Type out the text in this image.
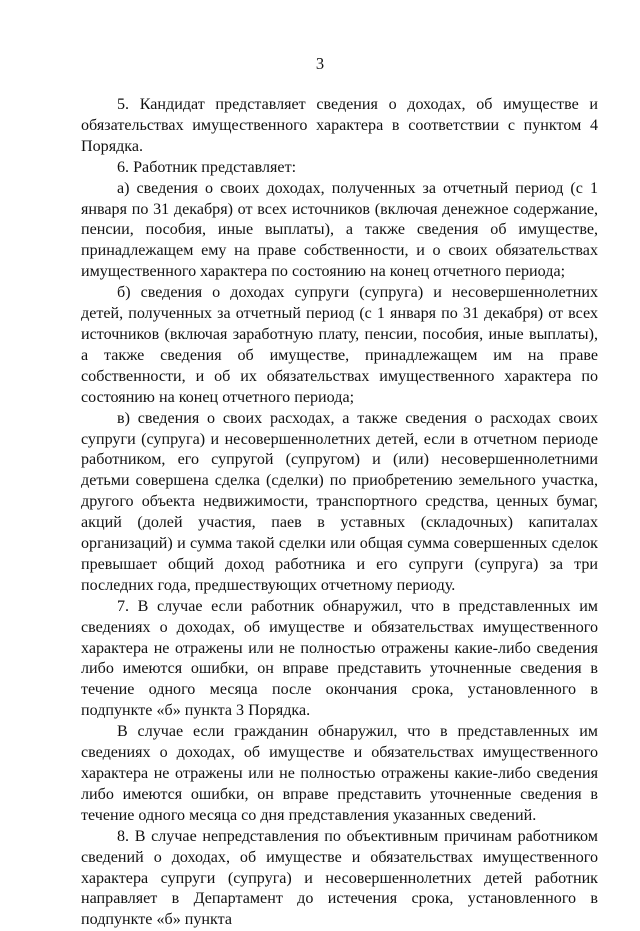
3

5. Кандидат представляет сведения о доходах, об имуществе и обязательствах имущественного характера в соответствии с пунктом 4 Порядка.

6. Работник представляет:

а) сведения о своих доходах, полученных за отчетный период (с 1 января по 31 декабря) от всех источников (включая денежное содержание, пенсии, пособия, иные выплаты), а также сведения об имуществе, принадлежащем ему на праве собственности, и о своих обязательствах имущественного характера по состоянию на конец отчетного периода;

б) сведения о доходах супруги (супруга) и несовершеннолетних детей, полученных за отчетный период (с 1 января по 31 декабря) от всех источников (включая заработную плату, пенсии, пособия, иные выплаты), а также сведения об имуществе, принадлежащем им на праве собственности, и об их обязательствах имущественного характера по состоянию на конец отчетного периода;

в) сведения о своих расходах, а также сведения о расходах своих супруги (супруга) и несовершеннолетних детей, если в отчетном периоде работником, его супругой (супругом) и (или) несовершеннолетними детьми совершена сделка (сделки) по приобретению земельного участка, другого объекта недвижимости, транспортного средства, ценных бумаг, акций (долей участия, паев в уставных (складочных) капиталах организаций) и сумма такой сделки или общая сумма совершенных сделок превышает общий доход работника и его супруги (супруга) за три последних года, предшествующих отчетному периоду.

7. В случае если работник обнаружил, что в представленных им сведениях о доходах, об имуществе и обязательствах имущественного характера не отражены или не полностью отражены какие-либо сведения либо имеются ошибки, он вправе представить уточненные сведения в течение одного месяца после окончания срока, установленного в подпункте «б» пункта 3 Порядка.

В случае если гражданин обнаружил, что в представленных им сведениях о доходах, об имуществе и обязательствах имущественного характера не отражены или не полностью отражены какие-либо сведения либо имеются ошибки, он вправе представить уточненные сведения в течение одного месяца со дня представления указанных сведений.

8. В случае непредставления по объективным причинам работником сведений о доходах, об имуществе и обязательствах имущественного характера супруги (супруга) и несовершеннолетних детей работник направляет в Департамент до истечения срока, установленного в подпункте «б» пункта
